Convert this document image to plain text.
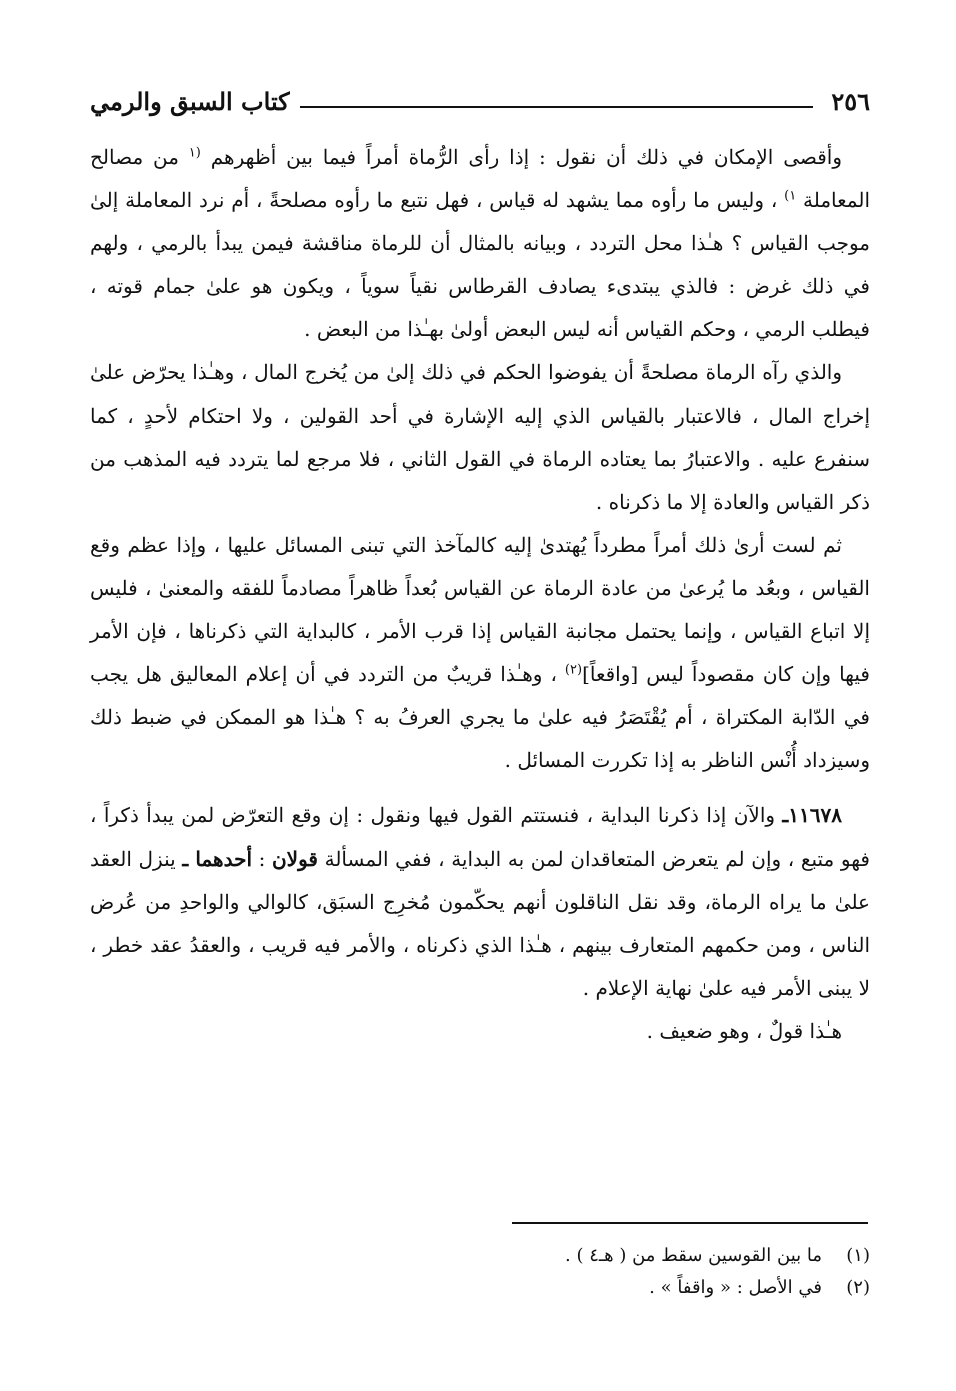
٢٥٦
كتاب السبق والرمي

وأقصى الإمكان في ذلك أن نقول : إذا رأى الرُّماة أمراً فيما بين أظهرهم $^{(١}$ من مصالح المعاملة $^{١)}$ ، وليس ما رأوه مما يشهد له قياس ، فهل نتبع ما رأوه مصلحةً ، أم نرد المعاملة إلىٰ موجب القياس ؟ هـٰذا محل التردد ، وبيانه بالمثال أن للرماة مناقشة فيمن يبدأ بالرمي ، ولهم في ذلك غرض : فالذي يبتدىء يصادف القرطاس نقياً سوياً ، ويكون هو علىٰ جمام قوته ، فيطلب الرمي ، وحكم القياس أنه ليس البعض أولىٰ بهـٰذا من البعض .

والذي رآه الرماة مصلحةً أن يفوضوا الحكم في ذلك إلىٰ من يُخرج المال ، وهـٰذا يحرّض علىٰ إخراج المال ، فالاعتبار بالقياس الذي إليه الإشارة في أحد القولين ، ولا احتكام لأحدٍ ، كما سنفرع عليه . والاعتبارُ بما يعتاده الرماة في القول الثاني ، فلا مرجع لما يتردد فيه المذهب من ذكر القياس والعادة إلا ما ذكرناه .

ثم لست أرىٰ ذلك أمراً مطرداً يُهتدىٰ إليه كالمآخذ التي تبنى المسائل عليها ، وإذا عظم وقع القياس ، وبعُد ما يُرعىٰ من عادة الرماة عن القياس بُعداً ظاهراً مصادماً للفقه والمعنىٰ ، فليس إلا اتباع القياس ، وإنما يحتمل مجانبة القياس إذا قرب الأمر ، كالبداية التي ذكرناها ، فإن الأمر فيها وإن كان مقصوداً ليس [واقعاً]$^{(٢)}$ ، وهـٰذا قريبٌ من التردد في أن إعلام المعاليق هل يجب في الدّابة المكتراة ، أم يُقْتَصَرُ فيه علىٰ ما يجري العرفُ به ؟ هـٰذا هو الممكن في ضبط ذلك وسيزداد أُنْس الناظر به إذا تكررت المسائل .

١١٦٧٨ـ والآن إذا ذكرنا البداية ، فنستتم القول فيها ونقول : إن وقع التعرّض لمن يبدأ ذكراً ، فهو متبع ، وإن لم يتعرض المتعاقدان لمن به البداية ، ففي المسألة قولان : أحدهما ـ ينزل العقد علىٰ ما يراه الرماة، وقد نقل الناقلون أنهم يحكّمون مُخرِج السبَق، كالوالي والواحدِ من عُرض الناس ، ومن حكمهم المتعارف بينهم ، هـٰذا الذي ذكرناه ، والأمر فيه قريب ، والعقدُ عقد خطر ، لا يبنى الأمر فيه علىٰ نهاية الإعلام .

هـٰذا قولٌ ، وهو ضعيف .

(١)ما بين القوسين سقط من ( هـ٤ ) .

(٢)في الأصل : « واقفاً » .
